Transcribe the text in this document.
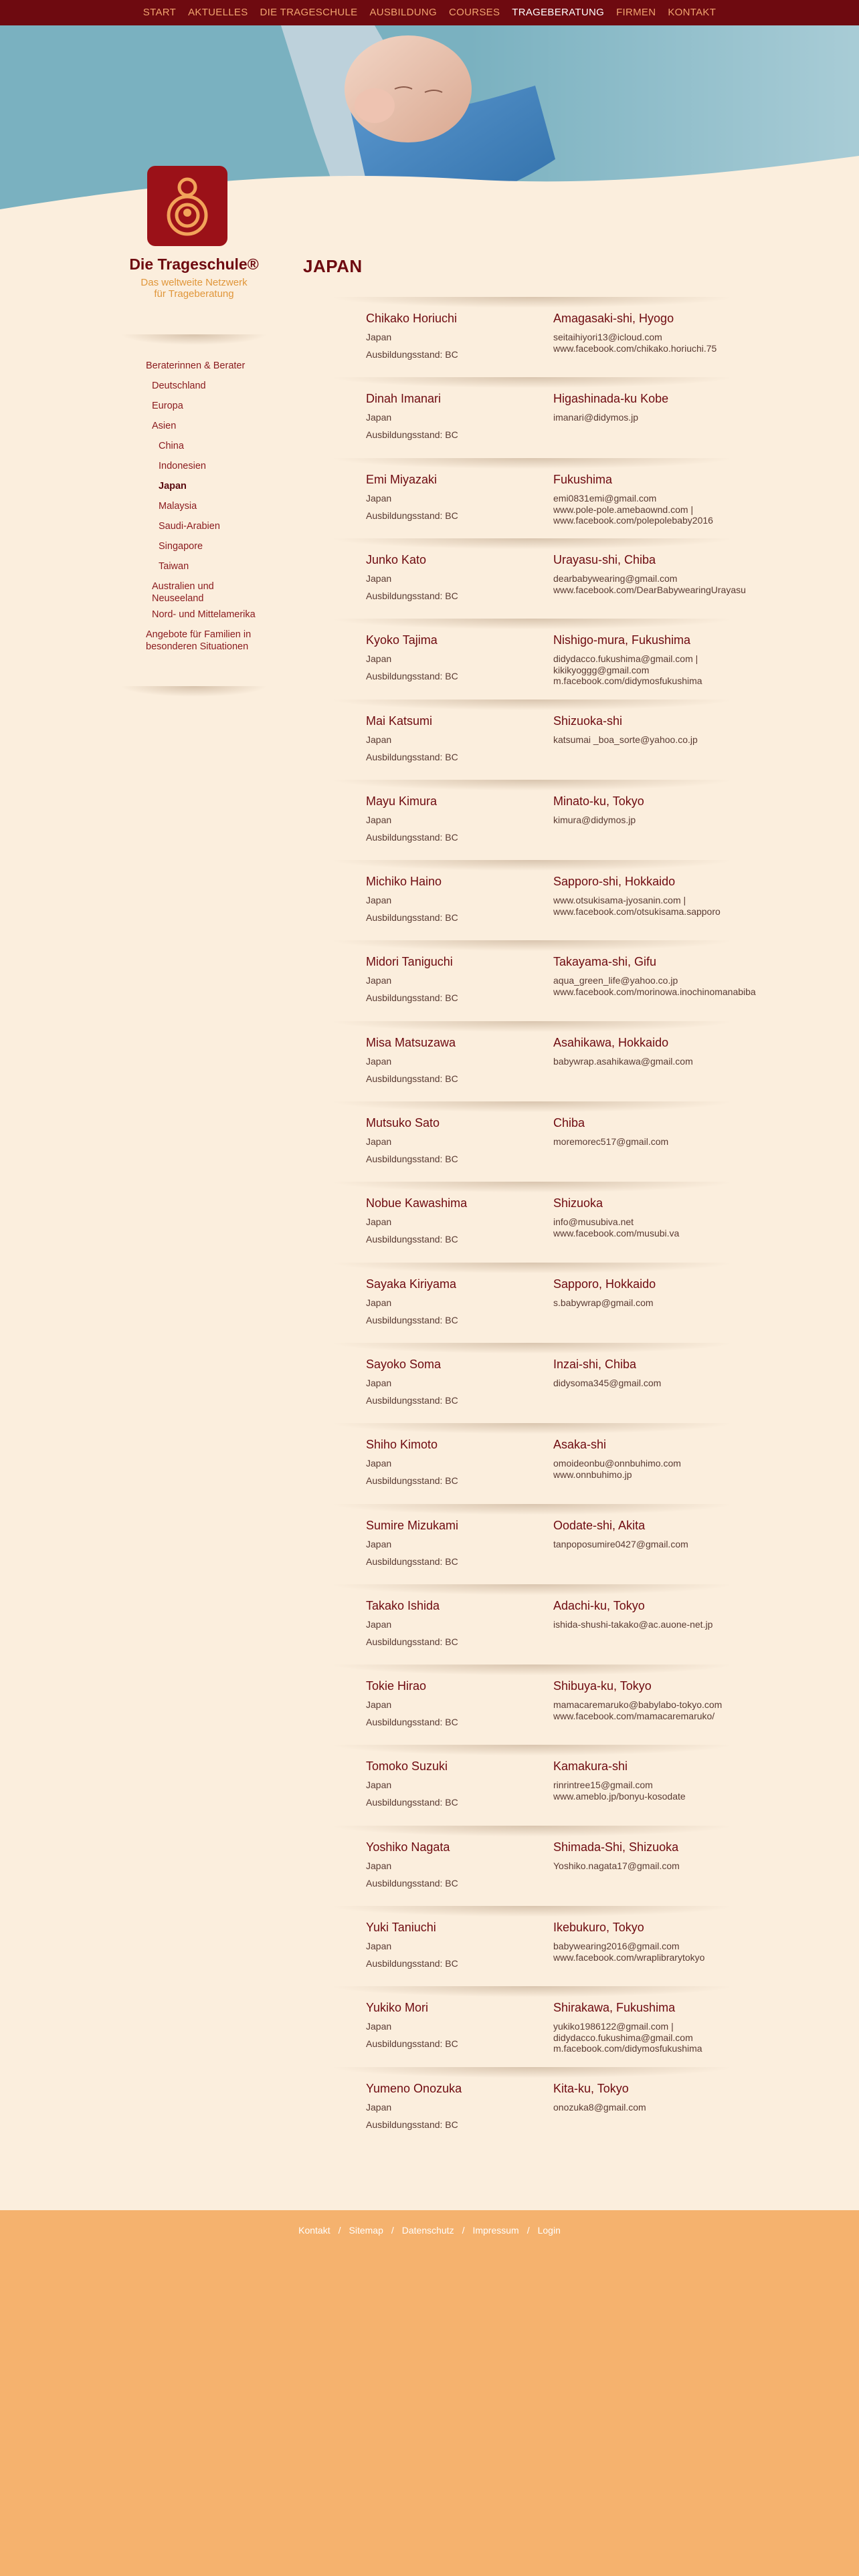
START	AKTUELLES	DIE TRAGESCHULE	AUSBILDUNG	COURSES	TRAGEBERATUNG	FIRMEN	KONTAKT
Die Trageschule®
Das weltweite Netzwerk
für Trageberatung
Beraterinnen & Berater
Deutschland
Europa
Asien
China
Indonesien
Japan
Malaysia
Saudi-Arabien
Singapore
Taiwan
Australien und Neuseeland
Nord- und Mittelamerika
Angebote für Familien in besonderen Situationen
JAPAN
Chikako Horiuchi
Japan
Ausbildungsstand: BC
Amagasaki-shi, Hyogo
seitaihiyori13@icloud.com
www.facebook.com/chikako.horiuchi.75
Dinah Imanari
Japan
Ausbildungsstand: BC
Higashinada-ku Kobe
imanari@didymos.jp
Emi Miyazaki
Japan
Ausbildungsstand: BC
Fukushima
emi0831emi@gmail.com
www.pole-pole.amebaownd.com |
www.facebook.com/polepolebaby2016
Junko Kato
Japan
Ausbildungsstand: BC
Urayasu-shi, Chiba
dearbabywearing@gmail.com
www.facebook.com/DearBabywearingUrayasu
Kyoko Tajima
Japan
Ausbildungsstand: BC
Nishigo-mura, Fukushima
didydacco.fukushima@gmail.com |
kikikyoggg@gmail.com
m.facebook.com/didymosfukushima
Mai Katsumi
Japan
Ausbildungsstand: BC
Shizuoka-shi
katsumai _boa_sorte@yahoo.co.jp
Mayu Kimura
Japan
Ausbildungsstand: BC
Minato-ku, Tokyo
kimura@didymos.jp
Michiko Haino
Japan
Ausbildungsstand: BC
Sapporo-shi, Hokkaido
www.otsukisama-jyosanin.com |
www.facebook.com/otsukisama.sapporo
Midori Taniguchi
Japan
Ausbildungsstand: BC
Takayama-shi, Gifu
aqua_green_life@yahoo.co.jp
www.facebook.com/morinowa.inochinomanabiba
Misa Matsuzawa
Japan
Ausbildungsstand: BC
Asahikawa, Hokkaido
babywrap.asahikawa@gmail.com
Mutsuko Sato
Japan
Ausbildungsstand: BC
Chiba
moremorec517@gmail.com
Nobue Kawashima
Japan
Ausbildungsstand: BC
Shizuoka
info@musubiva.net
www.facebook.com/musubi.va
Sayaka Kiriyama
Japan
Ausbildungsstand: BC
Sapporo, Hokkaido
s.babywrap@gmail.com
Sayoko Soma
Japan
Ausbildungsstand: BC
Inzai-shi, Chiba
didysoma345@gmail.com
Shiho Kimoto
Japan
Ausbildungsstand: BC
Asaka-shi
omoideonbu@onnbuhimo.com
www.onnbuhimo.jp
Sumire Mizukami
Japan
Ausbildungsstand: BC
Oodate-shi, Akita
tanpoposumire0427@gmail.com
Takako Ishida
Japan
Ausbildungsstand: BC
Adachi-ku, Tokyo
ishida-shushi-takako@ac.auone-net.jp
Tokie Hirao
Japan
Ausbildungsstand: BC
Shibuya-ku, Tokyo
mamacaremaruko@babylabo-tokyo.com
www.facebook.com/mamacaremaruko/
Tomoko Suzuki
Japan
Ausbildungsstand: BC
Kamakura-shi
rinrintree15@gmail.com
www.ameblo.jp/bonyu-kosodate
Yoshiko Nagata
Japan
Ausbildungsstand: BC
Shimada-Shi, Shizuoka
Yoshiko.nagata17@gmail.com
Yuki Taniuchi
Japan
Ausbildungsstand: BC
Ikebukuro, Tokyo
babywearing2016@gmail.com
www.facebook.com/wraplibrarytokyo
Yukiko Mori
Japan
Ausbildungsstand: BC
Shirakawa, Fukushima
yukiko1986122@gmail.com |
didydacco.fukushima@gmail.com
m.facebook.com/didymosfukushima
Yumeno Onozuka
Japan
Ausbildungsstand: BC
Kita-ku, Tokyo
onozuka8@gmail.com
Kontakt / Sitemap / Datenschutz / Impressum / Login
